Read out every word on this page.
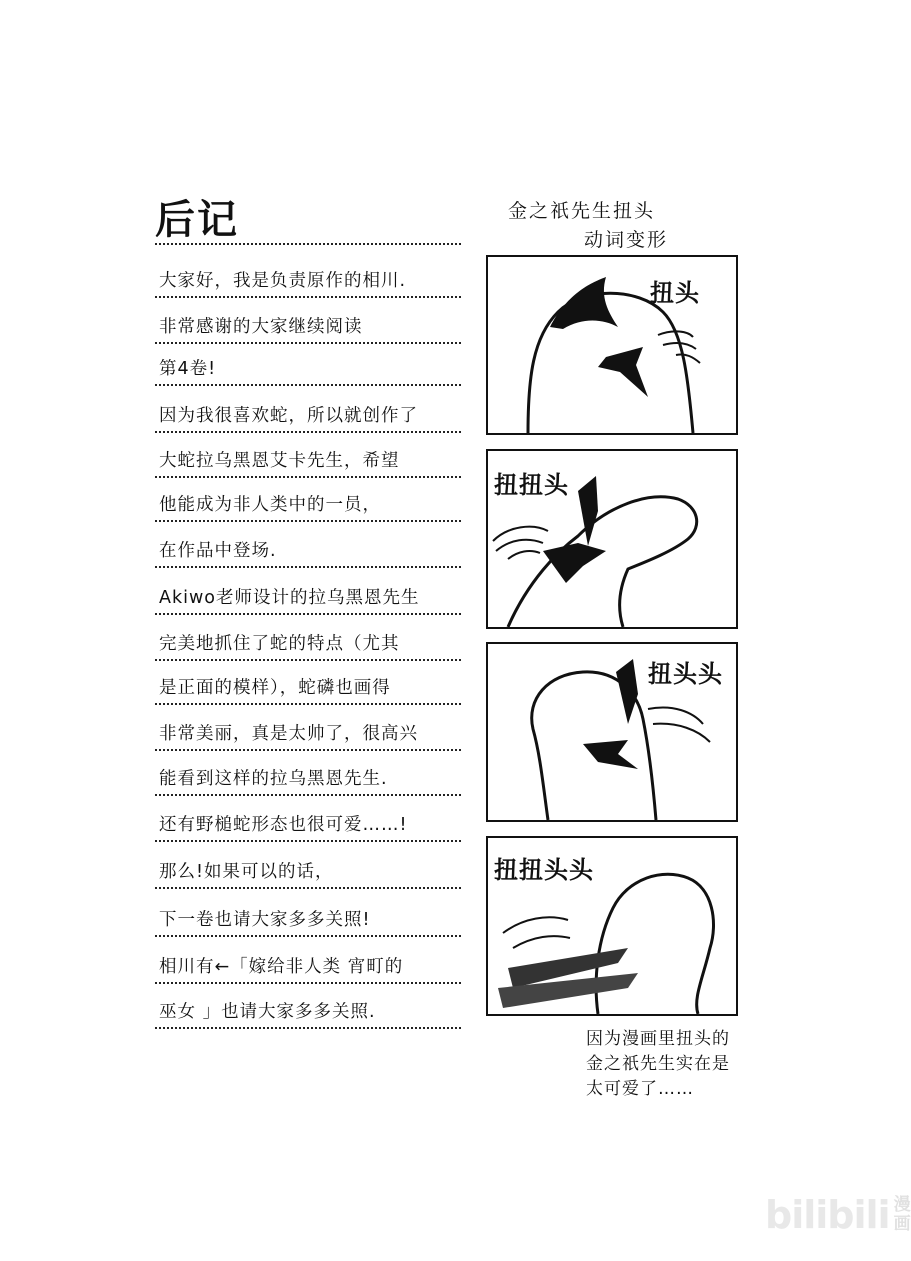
后记
大家好，我是负责原作的相川.
非常感谢的大家继续阅读
第4卷!
因为我很喜欢蛇，所以就创作了
大蛇拉乌黑恩艾卡先生，希望
他能成为非人类中的一员，
在作品中登场.
Akiwo老师设计的拉乌黑恩先生
完美地抓住了蛇的特点（尤其
是正面的模样），蛇磷也画得
非常美丽，真是太帅了，很高兴
能看到这样的拉乌黑恩先生.
还有野槌蛇形态也很可爱……!
那么!如果可以的话，
下一卷也请大家多多关照!
相川有←「嫁给非人类 宵町的
巫女 」也请大家多多关照.
金之祇先生扭头
动词变形
扭头
扭扭头
扭头头
扭扭头头
因为漫画里扭头的
金之祇先生实在是
太可爱了……
bilibili 漫
画
